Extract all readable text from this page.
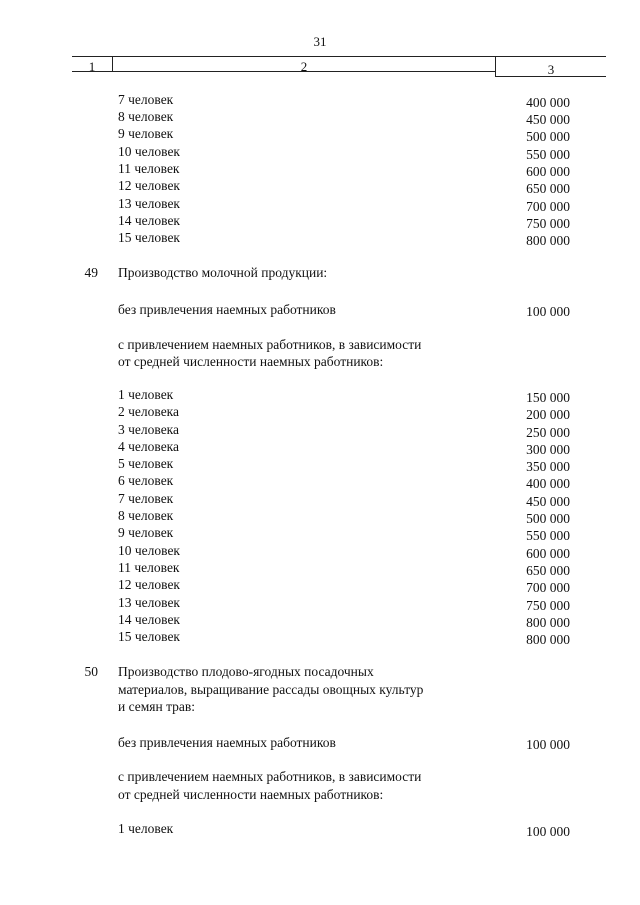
31
1	2	3
7 человек	400 000
8 человек	450 000
9 человек	500 000
10 человек	550 000
11 человек	600 000
12 человек	650 000
13 человек	700 000
14 человек	750 000
15 человек	800 000
49 Производство молочной продукции:
без привлечения наемных работников	100 000
с привлечением наемных работников, в зависимости
от средней численности наемных работников:
1 человек	150 000
2 человека	200 000
3 человека	250 000
4 человека	300 000
5 человек	350 000
6 человек	400 000
7 человек	450 000
8 человек	500 000
9 человек	550 000
10 человек	600 000
11 человек	650 000
12 человек	700 000
13 человек	750 000
14 человек	800 000
15 человек	800 000
50 Производство плодово-ягодных посадочных
материалов, выращивание рассады овощных культур
и семян трав:
без привлечения наемных работников	100 000
с привлечением наемных работников, в зависимости
от средней численности наемных работников:
1 человек	100 000
